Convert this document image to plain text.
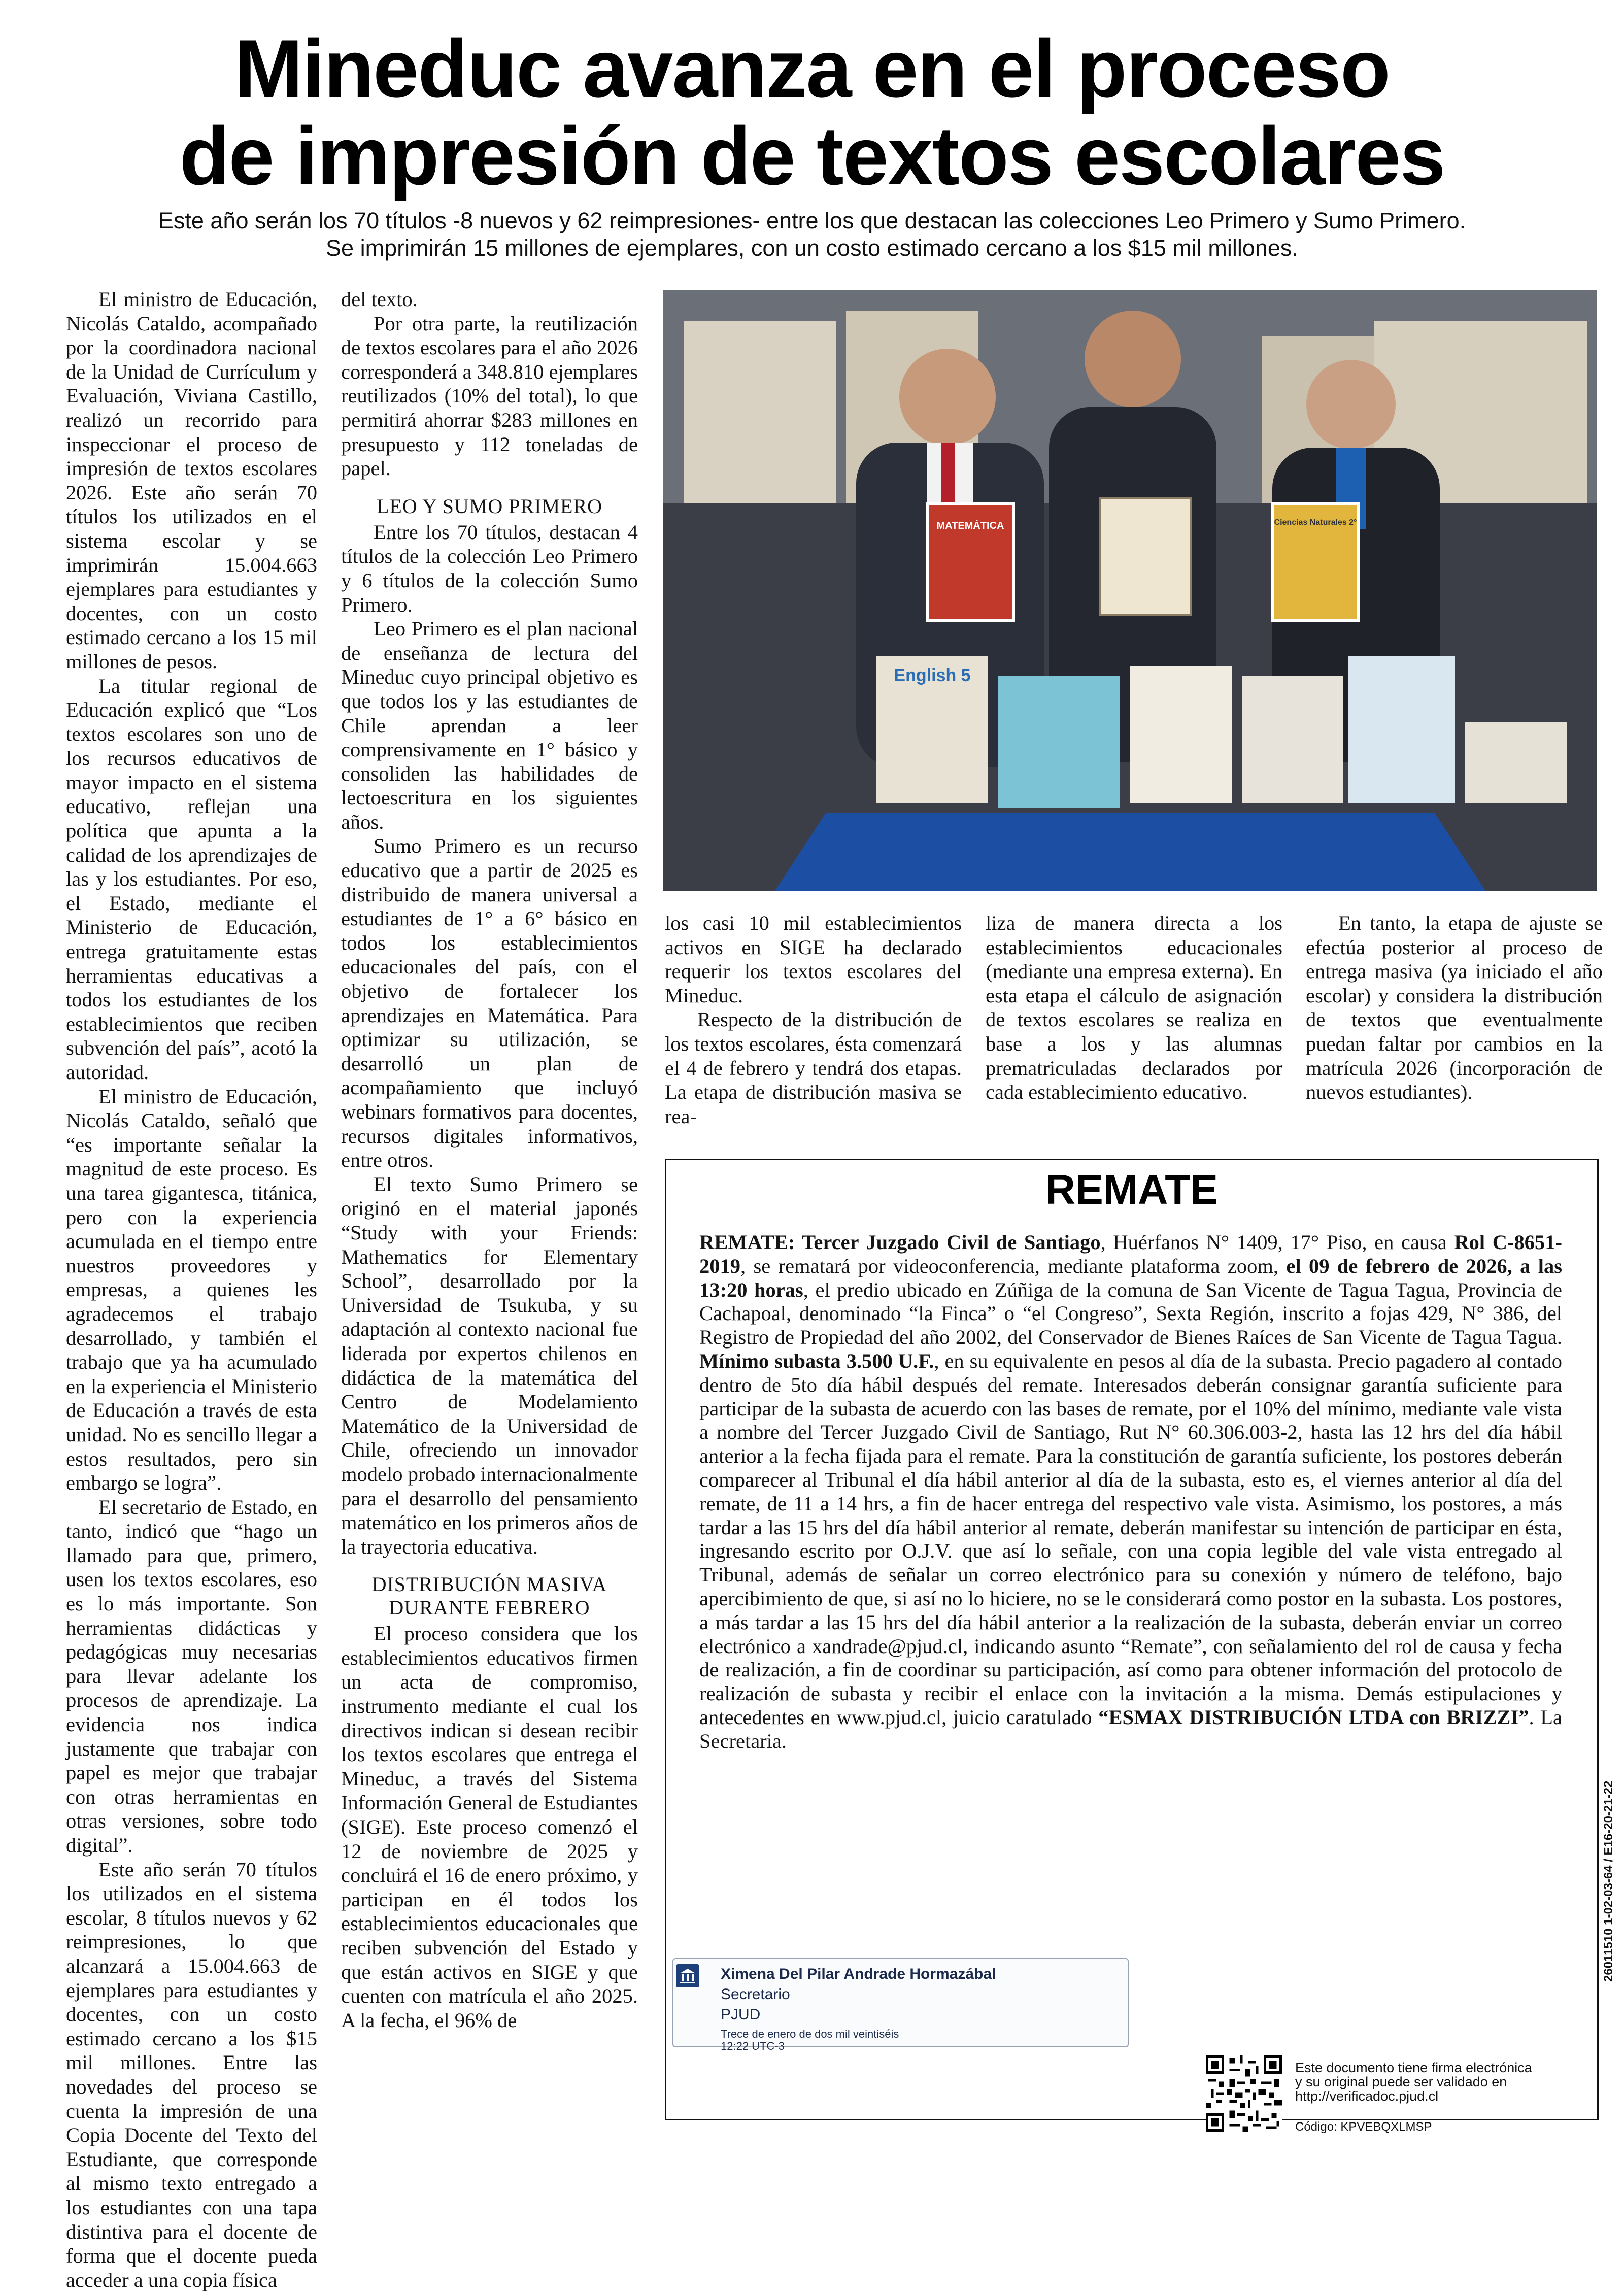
Mineduc avanza en el proceso
de impresión de textos escolares
Este año serán los 70 títulos -8 nuevos y 62 reimpresiones- entre los que destacan las colecciones Leo Primero y Sumo Primero.
Se imprimirán 15 millones de ejemplares, con un costo estimado cercano a los $15 mil millones.

El ministro de Educación, Nicolás Cataldo, acompañado por la coordinadora nacional de la Unidad de Currículum y Evaluación, Viviana Castillo, realizó un recorrido para inspeccionar el proceso de impresión de textos escolares 2026. Este año serán 70 títulos los utilizados en el sistema escolar y se imprimirán 15.004.663 ejemplares para estudiantes y docentes, con un costo estimado cercano a los 15 mil millones de pesos.

La titular regional de Educación explicó que “Los textos escolares son uno de los recursos educativos de mayor impacto en el sistema educativo, reflejan una política que apunta a la calidad de los aprendizajes de las y los estudiantes. Por eso, el Estado, mediante el Ministerio de Educación, entrega gratuitamente estas herramientas educativas a todos los estudiantes de los establecimientos que reciben subvención del país”, acotó la autoridad.

El ministro de Educación, Nicolás Cataldo, señaló que “es importante señalar la magnitud de este proceso. Es una tarea gigantesca, titánica, pero con la experiencia acumulada en el tiempo entre nuestros proveedores y empresas, a quienes les agradecemos el trabajo desarrollado, y también el trabajo que ya ha acumulado en la experiencia el Ministerio de Educación a través de esta unidad. No es sencillo llegar a estos resultados, pero sin embargo se logra”.

El secretario de Estado, en tanto, indicó que “hago un llamado para que, primero, usen los textos escolares, eso es lo más importante. Son herramientas didácticas y pedagógicas muy necesarias para llevar adelante los procesos de aprendizaje. La evidencia nos indica justamente que trabajar con papel es mejor que trabajar con otras herramientas en otras versiones, sobre todo digital”.

Este año serán 70 títulos los utilizados en el sistema escolar, 8 títulos nuevos y 62 reimpresiones, lo que alcanzará a 15.004.663 de ejemplares para estudiantes y docentes, con un costo estimado cercano a los $15 mil millones. Entre las novedades del proceso se cuenta la impresión de una Copia Docente del Texto del Estudiante, que corresponde al mismo texto entregado a los estudiantes con una tapa distintiva para el docente de forma que el docente pueda acceder a una copia física

del texto.

Por otra parte, la reutilización de textos escolares para el año 2026 corresponderá a 348.810 ejemplares reutilizados (10% del total), lo que permitirá ahorrar $283 millones en presupuesto y 112 toneladas de papel.

LEO Y SUMO PRIMERO

Entre los 70 títulos, destacan 4 títulos de la colección Leo Primero y 6 títulos de la colección Sumo Primero.

Leo Primero es el plan nacional de enseñanza de lectura del Mineduc cuyo principal objetivo es que todos los y las estudiantes de Chile aprendan a leer comprensivamente en 1° básico y consoliden las habilidades de lectoescritura en los siguientes años.

Sumo Primero es un recurso educativo que a partir de 2025 es distribuido de manera universal a estudiantes de 1° a 6° básico en todos los establecimientos educacionales del país, con el objetivo de fortalecer los aprendizajes en Matemática. Para optimizar su utilización, se desarrolló un plan de acompañamiento que incluyó webinars formativos para docentes, recursos digitales informativos, entre otros.

El texto Sumo Primero se originó en el material japonés “Study with your Friends: Mathematics for Elementary School”, desarrollado por la Universidad de Tsukuba, y su adaptación al contexto nacional fue liderada por expertos chilenos en didáctica de la matemática del Centro de Modelamiento Matemático de la Universidad de Chile, ofreciendo un innovador modelo probado internacionalmente para el desarrollo del pensamiento matemático en los primeros años de la trayectoria educativa.

DISTRIBUCIÓN MASIVA
DURANTE FEBRERO

El proceso considera que los establecimientos educativos firmen un acta de compromiso, instrumento mediante el cual los directivos indican si desean recibir los textos escolares que entrega el Mineduc, a través del Sistema Información General de Estudiantes (SIGE). Este proceso comenzó el 12 de noviembre de 2025 y concluirá el 16 de enero próximo, y participan en él todos los establecimientos educacionales que reciben subvención del Estado y que están activos en SIGE y que cuenten con matrícula el año 2025. A la fecha, el 96% de

MATEMÁTICA	Ciencias Naturales 2°
English 5

los casi 10 mil establecimientos activos en SIGE ha declarado requerir los textos escolares del Mineduc.

Respecto de la distribución de los textos escolares, ésta comenzará el 4 de febrero y tendrá dos etapas. La etapa de distribución masiva se rea-

liza de manera directa a los establecimientos educacionales (mediante una empresa externa). En esta etapa el cálculo de asignación de textos escolares se realiza en base a los y las alumnas prematriculadas declarados por cada establecimiento educativo.

En tanto, la etapa de ajuste se efectúa posterior al proceso de entrega masiva (ya iniciado el año escolar) y considera la distribución de textos que eventualmente puedan faltar por cambios en la matrícula 2026 (incorporación de nuevos estudiantes).

REMATE
REMATE: Tercer Juzgado Civil de Santiago, Huérfanos N° 1409, 17° Piso, en causa Rol C-8651-2019, se rematará por videoconferencia, mediante plataforma zoom, el 09 de febrero de 2026, a las 13:20 horas, el predio ubicado en Zúñiga de la comuna de San Vicente de Tagua Tagua, Provincia de Cachapoal, denominado “la Finca” o “el Congreso”, Sexta Región, inscrito a fojas 429, N° 386, del Registro de Propiedad del año 2002, del Conservador de Bienes Raíces de San Vicente de Tagua Tagua. Mínimo subasta 3.500 U.F., en su equivalente en pesos al día de la subasta. Precio pagadero al contado dentro de 5to día hábil después del remate. Interesados deberán consignar garantía suficiente para participar de la subasta de acuerdo con las bases de remate, por el 10% del mínimo, mediante vale vista a nombre del Tercer Juzgado Civil de Santiago, Rut N° 60.306.003-2, hasta las 12 hrs del día hábil anterior a la fecha fijada para el remate. Para la constitución de garantía suficiente, los postores deberán comparecer al Tribunal el día hábil anterior al día de la subasta, esto es, el viernes anterior al día del remate, de 11 a 14 hrs, a fin de hacer entrega del respectivo vale vista. Asimismo, los postores, a más tardar a las 15 hrs del día hábil anterior al remate, deberán manifestar su intención de participar en ésta, ingresando escrito por O.J.V. que así lo señale, con una copia legible del vale vista entregado al Tribunal, además de señalar un correo electrónico para su conexión y número de teléfono, bajo apercibimiento de que, si así no lo hiciere, no se le considerará como postor en la subasta. Los postores, a más tardar a las 15 hrs del día hábil anterior a la realización de la subasta, deberán enviar un correo electrónico a xandrade@pjud.cl, indicando asunto “Remate”, con señalamiento del rol de causa y fecha de realización, a fin de coordinar su participación, así como para obtener información del protocolo de realización de subasta y recibir el enlace con la invitación a la misma. Demás estipulaciones y antecedentes en www.pjud.cl, juicio caratulado “ESMAX DISTRIBUCIÓN LTDA con BRIZZI”. La Secretaria.
Ximena Del Pilar Andrade Hormazábal
Secretario
PJUD
Trece de enero de dos mil veintiséis
12:22 UTC-3
Este documento tiene firma electrónica
y su original puede ser validado en
http://verificadoc.pjud.cl
Código: KPVEBQXLMSP
26011510 1-02-03-64 / E16-20-21-22
